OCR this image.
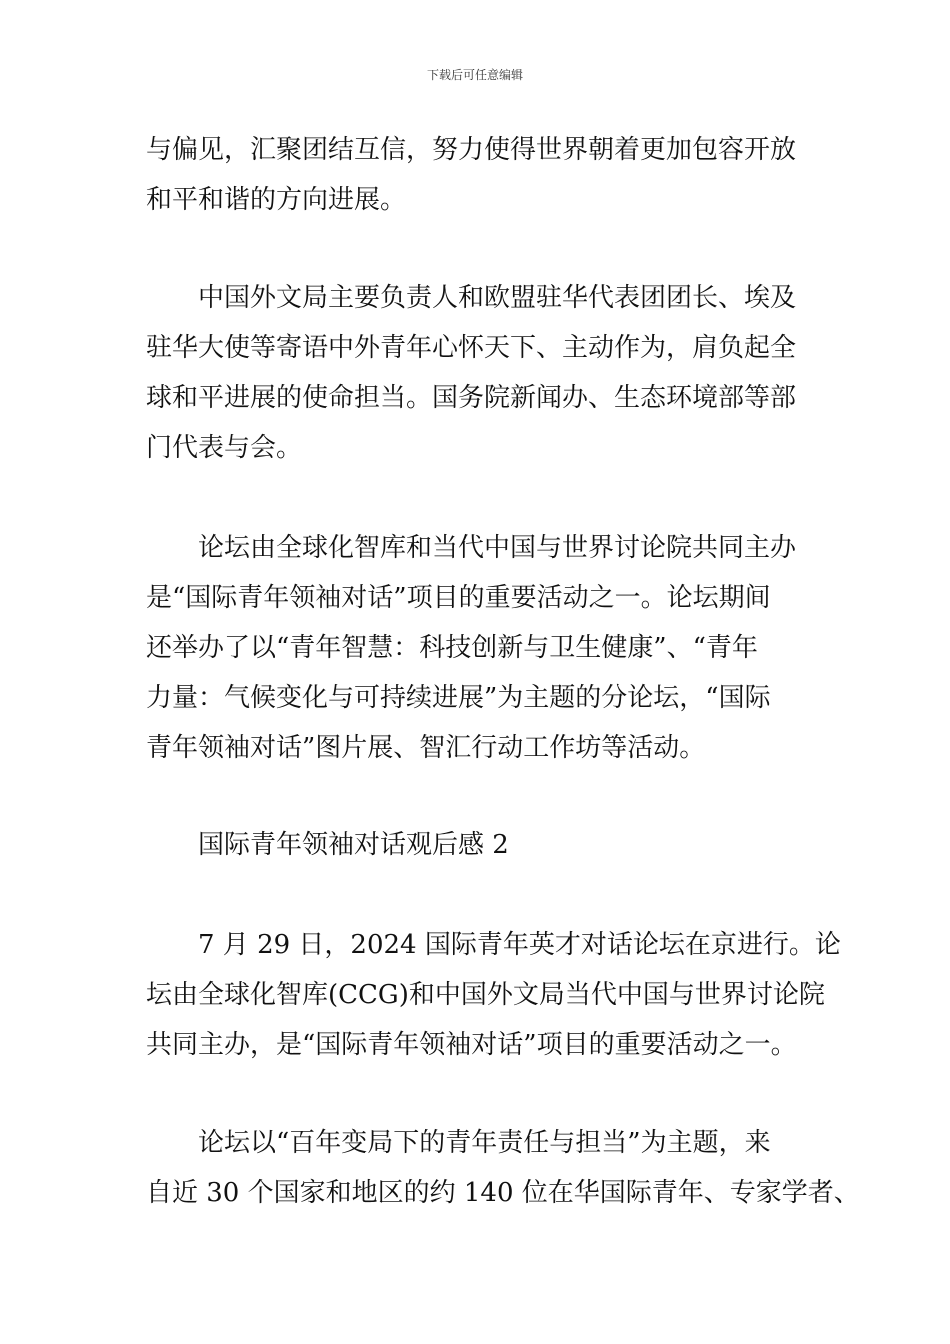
下载后可任意编辑
与偏见，汇聚团结互信，努力使得世界朝着更加包容开放
和平和谐的方向进展。
中国外文局主要负责人和欧盟驻华代表团团长、埃及
驻华大使等寄语中外青年心怀天下、主动作为，肩负起全
球和平进展的使命担当。国务院新闻办、生态环境部等部
门代表与会。
论坛由全球化智库和当代中国与世界讨论院共同主办
是“国际青年领袖对话”项目的重要活动之一。论坛期间
还举办了以“青年智慧：科技创新与卫生健康”、“青年
力量：气候变化与可持续进展”为主题的分论坛，“国际
青年领袖对话”图片展、智汇行动工作坊等活动。
国际青年领袖对话观后感 2
7 月 29 日，2024 国际青年英才对话论坛在京进行。论
坛由全球化智库(CCG)和中国外文局当代中国与世界讨论院
共同主办，是“国际青年领袖对话”项目的重要活动之一。
论坛以“百年变局下的青年责任与担当”为主题，来
自近 30 个国家和地区的约 140 位在华国际青年、专家学者、
